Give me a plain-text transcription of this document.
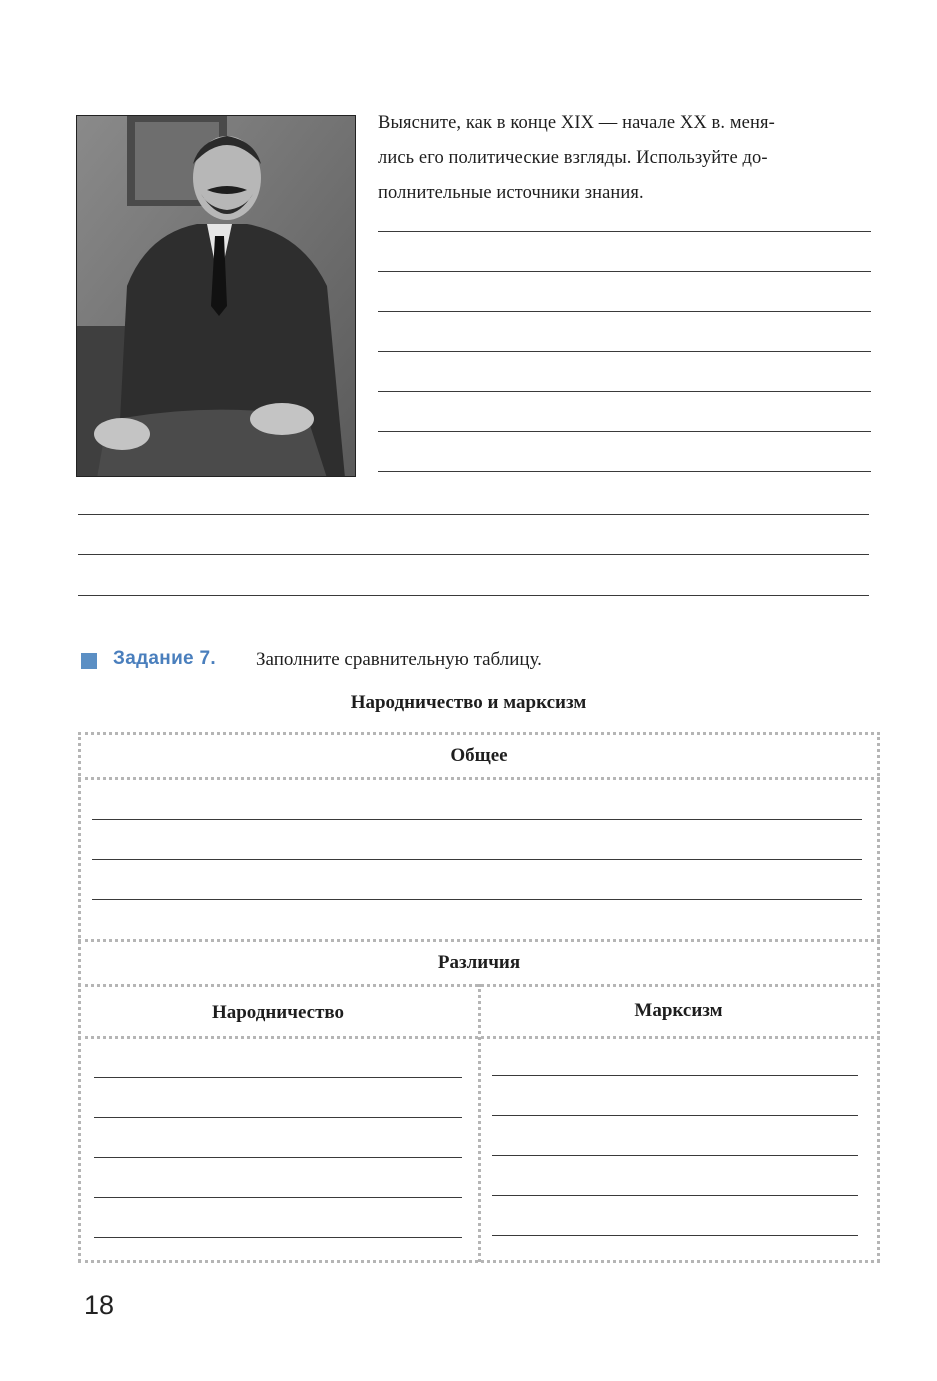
Выясните, как в конце XIX — начале XX в. меня-
лись его политические взгляды. Используйте до-
полнительные источники знания.
Задание 7. Заполните сравнительную таблицу.
Народничество и марксизм
Общее
Различия
Народничество	Марксизм
18
